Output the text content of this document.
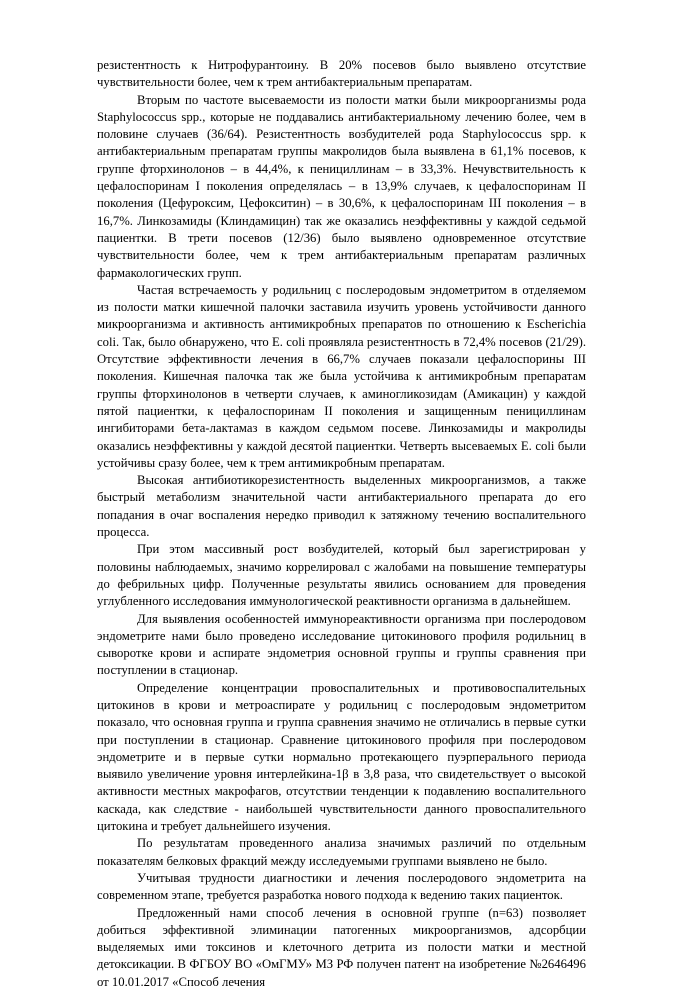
резистентность к Нитрофурантоину. В 20% посевов было выявлено отсутствие чувствительности более, чем к трем антибактериальным препаратам.

Вторым по частоте высеваемости из полости матки были микроорганизмы рода Staphylococcus spp., которые не поддавались антибактериальному лечению более, чем в половине случаев (36/64). Резистентность возбудителей рода Staphylococcus spp. к антибактериальным препаратам группы макролидов была выявлена в 61,1% посевов, к группе фторхинолонов – в 44,4%, к пенициллинам – в 33,3%. Нечувствительность к цефалоспоринам I поколения определялась – в 13,9% случаев, к цефалоспоринам II поколения (Цефуроксим, Цефокситин) – в 30,6%, к цефалоспоринам III поколения – в 16,7%. Линкозамиды (Клиндамицин) так же оказались неэффективны у каждой седьмой пациентки. В трети посевов (12/36) было выявлено одновременное отсутствие чувствительности более, чем к трем антибактериальным препаратам различных фармакологических групп.

Частая встречаемость у родильниц с послеродовым эндометритом в отделяемом из полости матки кишечной палочки заставила изучить уровень устойчивости данного микроорганизма и активность антимикробных препаратов по отношению к Escherichia coli. Так, было обнаружено, что E. coli проявляла резистентность в 72,4% посевов (21/29). Отсутствие эффективности лечения в 66,7% случаев показали цефалоспорины III поколения. Кишечная палочка так же была устойчива к антимикробным препаратам группы фторхинолонов в четверти случаев, к аминогликозидам (Амикацин) у каждой пятой пациентки, к цефалоспоринам II поколения и защищенным пенициллинам ингибиторами бета-лактамаз в каждом седьмом посеве. Линкозамиды и макролиды оказались неэффективны у каждой десятой пациентки. Четверть высеваемых E. coli были устойчивы сразу более, чем к трем антимикробным препаратам.

Высокая антибиотикорезистентность выделенных микроорганизмов, а также быстрый метаболизм значительной части антибактериального препарата до его попадания в очаг воспаления нередко приводил к затяжному течению воспалительного процесса.

При этом массивный рост возбудителей, который был зарегистрирован у половины наблюдаемых, значимо коррелировал с жалобами на повышение температуры до фебрильных цифр. Полученные результаты явились основанием для проведения углубленного исследования иммунологической реактивности организма в дальнейшем.

Для выявления особенностей иммунореактивности организма при послеродовом эндометрите нами было проведено исследование цитокинового профиля родильниц в сыворотке крови и аспирате эндометрия основной группы и группы сравнения при поступлении в стационар.

Определение концентрации провоспалительных и противовоспалительных цитокинов в крови и метроаспирате у родильниц с послеродовым эндометритом показало, что основная группа и группа сравнения значимо не отличались в первые сутки при поступлении в стационар. Сравнение цитокинового профиля при послеродовом эндометрите и в первые сутки нормально протекающего пуэрперального периода выявило увеличение уровня интерлейкина-1β в 3,8 раза, что свидетельствует о высокой активности местных макрофагов, отсутствии тенденции к подавлению воспалительного каскада, как следствие - наибольшей чувствительности данного провоспалительного цитокина и требует дальнейшего изучения.

По результатам проведенного анализа значимых различий по отдельным показателям белковых фракций между исследуемыми группами выявлено не было.

Учитывая трудности диагностики и лечения послеродового эндометрита на современном этапе, требуется разработка нового подхода к ведению таких пациенток.

Предложенный нами способ лечения в основной группе (n=63) позволяет добиться эффективной элиминации патогенных микроорганизмов, адсорбции выделяемых ими токсинов и клеточного детрита из полости матки и местной детоксикации. В ФГБОУ ВО «ОмГМУ» МЗ РФ получен патент на изобретение №2646496 от 10.01.2017 «Способ лечения
